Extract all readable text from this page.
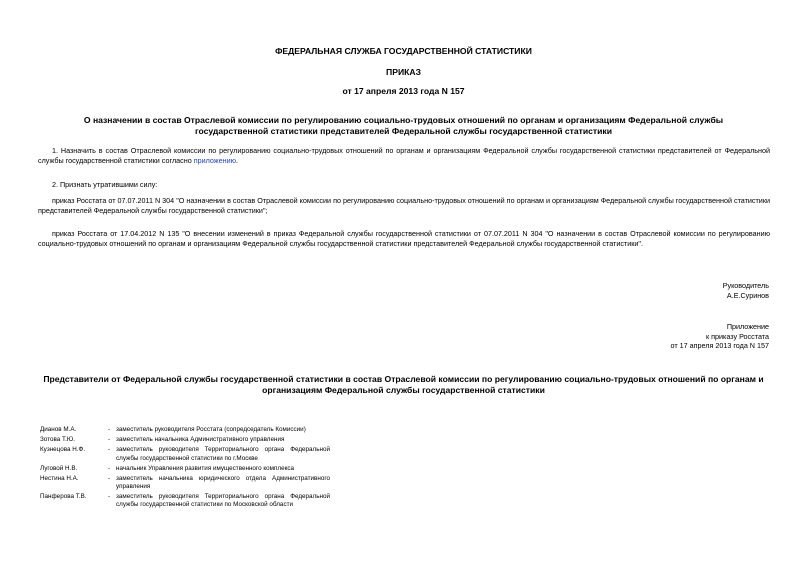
ФЕДЕРАЛЬНАЯ СЛУЖБА ГОСУДАРСТВЕННОЙ СТАТИСТИКИ
ПРИКАЗ
от 17 апреля 2013 года N 157
О назначении в состав Отраслевой комиссии по регулированию социально-трудовых отношений по органам и организациям Федеральной службы государственной статистики представителей Федеральной службы государственной статистики
1. Назначить в состав Отраслевой комиссии по регулированию социально-трудовых отношений по органам и организациям Федеральной службы государственной статистики представителей от Федеральной службы государственной статистики согласно приложению.
2. Признать утратившими силу:
приказ Росстата от 07.07.2011 N 304 "О назначении в состав Отраслевой комиссии по регулированию социально-трудовых отношений по органам и организациям Федеральной службы государственной статистики представителей Федеральной службы государственной статистики";
приказ Росстата от 17.04.2012 N 135 "О внесении изменений в приказ Федеральной службы государственной статистики от 07.07.2011 N 304 "О назначении в состав Отраслевой комиссии по регулированию социально-трудовых отношений по органам и организациям Федеральной службы государственной статистики представителей Федеральной службы государственной статистики".
Руководитель
А.Е.Суринов
Приложение
к приказу Росстата
от 17 апреля 2013 года N 157
Представители от Федеральной службы государственной статистики в состав Отраслевой комиссии по регулированию социально-трудовых отношений по органам и организациям Федеральной службы государственной статистики
Дианов М.А.	-	заместитель руководителя Росстата (сопредседатель Комиссии)
Зотова Т.Ю.	-	заместитель начальника Административного управления
Кузнецова Н.Ф.	-	заместитель руководителя Территориального органа Федеральной службы государственной статистики по г.Москве
Луговой Н.В.	-	начальник Управления развития имущественного комплекса
Нестина Н.А.	-	заместитель начальника юридического отдела Административного управления
Панферова Т.В.	-	заместитель руководителя Территориального органа Федеральной службы государственной статистики по Московской области
